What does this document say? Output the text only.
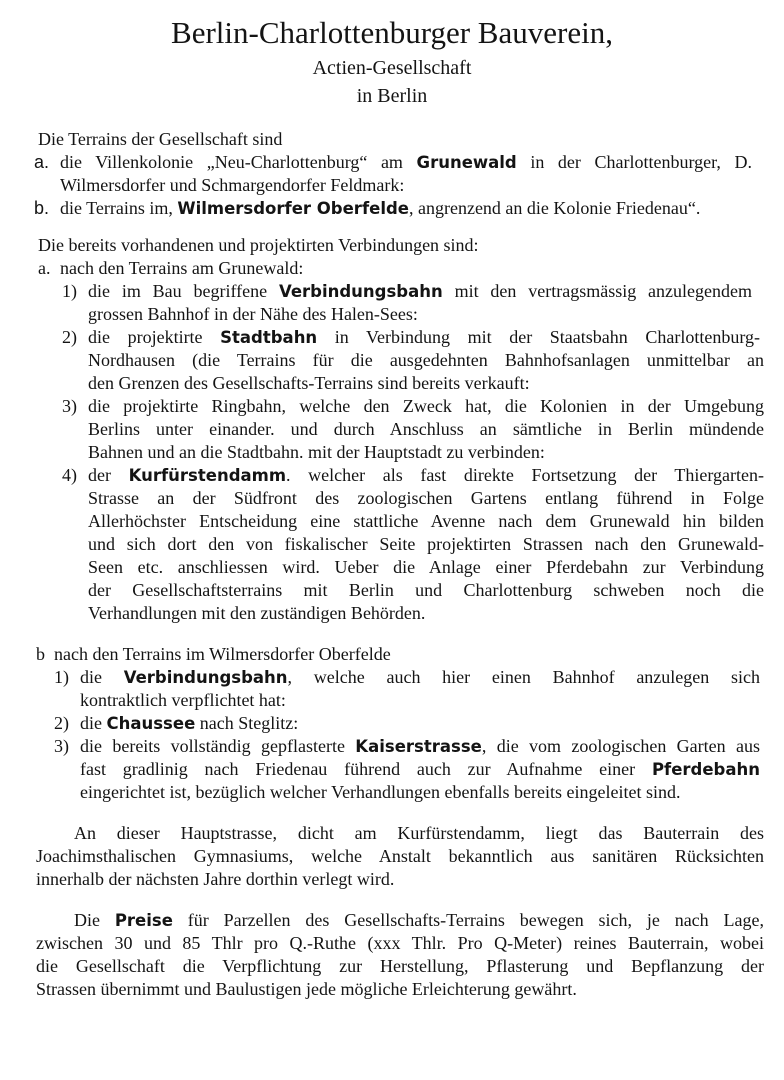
Berlin-Charlottenburger Bauverein,
Actien-Gesellschaft
in Berlin
Die Terrains der Gesellschaft sind
a. die Villenkolonie „Neu-Charlottenburg“ am Grunewald in der Charlottenburger, D.
Wilmersdorfer und Schmargendorfer Feldmark:
b. die Terrains im, Wilmersdorfer Oberfelde, angrenzend an die Kolonie Friedenau“.
Die bereits vorhandenen und projektirten Verbindungen sind:
a. nach den Terrains am Grunewald:
1) die im Bau begriffene Verbindungsbahn mit den vertragsmässig anzulegendem
grossen Bahnhof in der Nähe des Halen-Sees:
2) die projektirte Stadtbahn in Verbindung mit der Staatsbahn Charlottenburg-
Nordhausen (die Terrains für die ausgedehnten Bahnhofsanlagen unmittelbar an
den Grenzen des Gesellschafts-Terrains sind bereits verkauft:
3) die projektirte Ringbahn, welche den Zweck hat, die Kolonien in der Umgebung
Berlins unter einander. und durch Anschluss an sämtliche in Berlin mündende
Bahnen und an die Stadtbahn. mit der Hauptstadt zu verbinden:
4) der Kurfürstendamm. welcher als fast direkte Fortsetzung der Thiergarten-
Strasse an der Südfront des zoologischen Gartens entlang führend in Folge
Allerhöchster Entscheidung eine stattliche Avenne nach dem Grunewald hin bilden
und sich dort den von fiskalischer Seite projektirten Strassen nach den Grunewald-
Seen etc. anschliessen wird. Ueber die Anlage einer Pferdebahn zur Verbindung
der Gesellschaftsterrains mit Berlin und Charlottenburg schweben noch die
Verhandlungen mit den zuständigen Behörden.
b nach den Terrains im Wilmersdorfer Oberfelde
1) die Verbindungsbahn, welche auch hier einen Bahnhof anzulegen sich
kontraktlich verpflichtet hat:
2) die Chaussee nach Steglitz:
3) die bereits vollständig gepflasterte Kaiserstrasse, die vom zoologischen Garten aus
fast gradlinig nach Friedenau führend auch zur Aufnahme einer Pferdebahn
eingerichtet ist, bezüglich welcher Verhandlungen ebenfalls bereits eingeleitet sind.
An dieser Hauptstrasse, dicht am Kurfürstendamm, liegt das Bauterrain des
Joachimsthalischen Gymnasiums, welche Anstalt bekanntlich aus sanitären Rücksichten
innerhalb der nächsten Jahre dorthin verlegt wird.
Die Preise für Parzellen des Gesellschafts-Terrains bewegen sich, je nach Lage,
zwischen 30 und 85 Thlr pro Q.-Ruthe (xxx Thlr. Pro Q-Meter) reines Bauterrain, wobei
die Gesellschaft die Verpflichtung zur Herstellung, Pflasterung und Bepflanzung der
Strassen übernimmt und Baulustigen jede mögliche Erleichterung gewährt.
